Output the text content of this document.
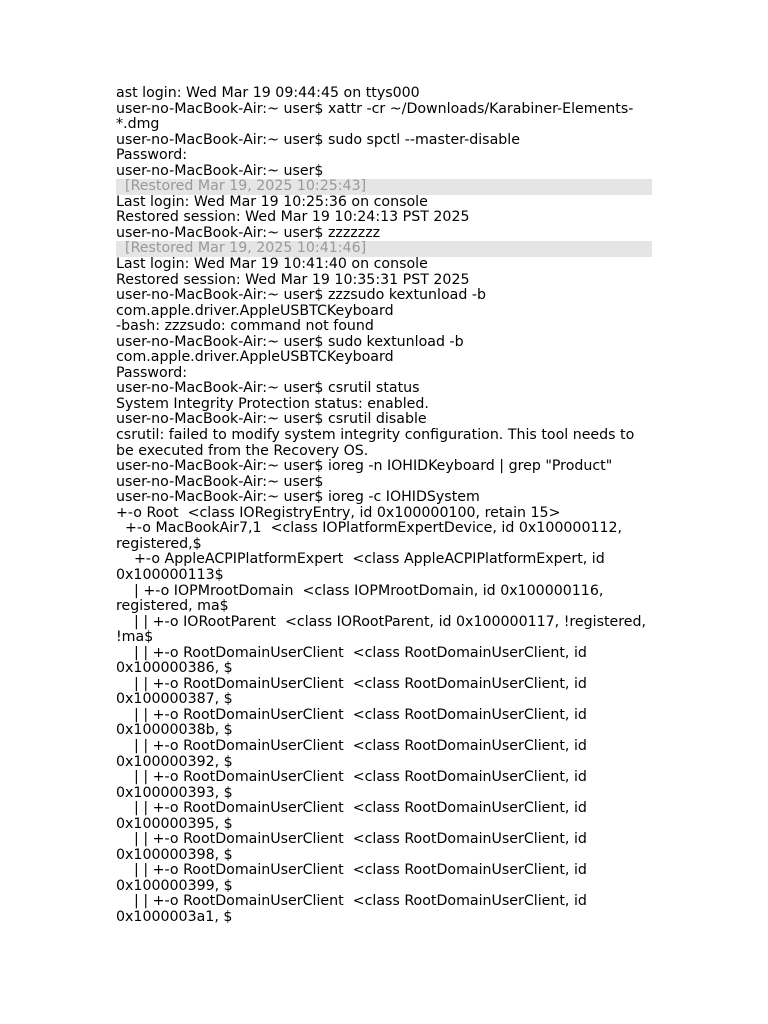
ast login: Wed Mar 19 09:44:45 on ttys000
user-no-MacBook-Air:~ user$ xattr -cr ~/Downloads/Karabiner-Elements-*.dmg
user-no-MacBook-Air:~ user$ sudo spctl --master-disable
Password:
user-no-MacBook-Air:~ user$
[Restored Mar 19, 2025 10:25:43]
Last login: Wed Mar 19 10:25:36 on console
Restored session: Wed Mar 19 10:24:13 PST 2025
user-no-MacBook-Air:~ user$ zzzzzzz
[Restored Mar 19, 2025 10:41:46]
Last login: Wed Mar 19 10:41:40 on console
Restored session: Wed Mar 19 10:35:31 PST 2025
user-no-MacBook-Air:~ user$ zzzsudo kextunload -b com.apple.driver.AppleUSBTCKeyboard
-bash: zzzsudo: command not found
user-no-MacBook-Air:~ user$ sudo kextunload -b com.apple.driver.AppleUSBTCKeyboard
Password:
user-no-MacBook-Air:~ user$ csrutil status
System Integrity Protection status: enabled.
user-no-MacBook-Air:~ user$ csrutil disable
csrutil: failed to modify system integrity configuration. This tool needs to be executed from the Recovery OS.
user-no-MacBook-Air:~ user$ ioreg -n IOHIDKeyboard | grep "Product"
user-no-MacBook-Air:~ user$
user-no-MacBook-Air:~ user$ ioreg -c IOHIDSystem
+-o Root  <class IORegistryEntry, id 0x100000100, retain 15>
+-o MacBookAir7,1  <class IOPlatformExpertDevice, id 0x100000112, registered,$
+-o AppleACPIPlatformExpert  <class AppleACPIPlatformExpert, id 0x100000113$
| +-o IOPMrootDomain  <class IOPMrootDomain, id 0x100000116, registered, ma$
| | +-o IORootParent  <class IORootParent, id 0x100000117, !registered, !ma$
| | +-o RootDomainUserClient  <class RootDomainUserClient, id 0x100000386, $
| | +-o RootDomainUserClient  <class RootDomainUserClient, id 0x100000387, $
| | +-o RootDomainUserClient  <class RootDomainUserClient, id 0x10000038b, $
| | +-o RootDomainUserClient  <class RootDomainUserClient, id 0x100000392, $
| | +-o RootDomainUserClient  <class RootDomainUserClient, id 0x100000393, $
| | +-o RootDomainUserClient  <class RootDomainUserClient, id 0x100000395, $
| | +-o RootDomainUserClient  <class RootDomainUserClient, id 0x100000398, $
| | +-o RootDomainUserClient  <class RootDomainUserClient, id 0x100000399, $
| | +-o RootDomainUserClient  <class RootDomainUserClient, id 0x1000003a1, $
